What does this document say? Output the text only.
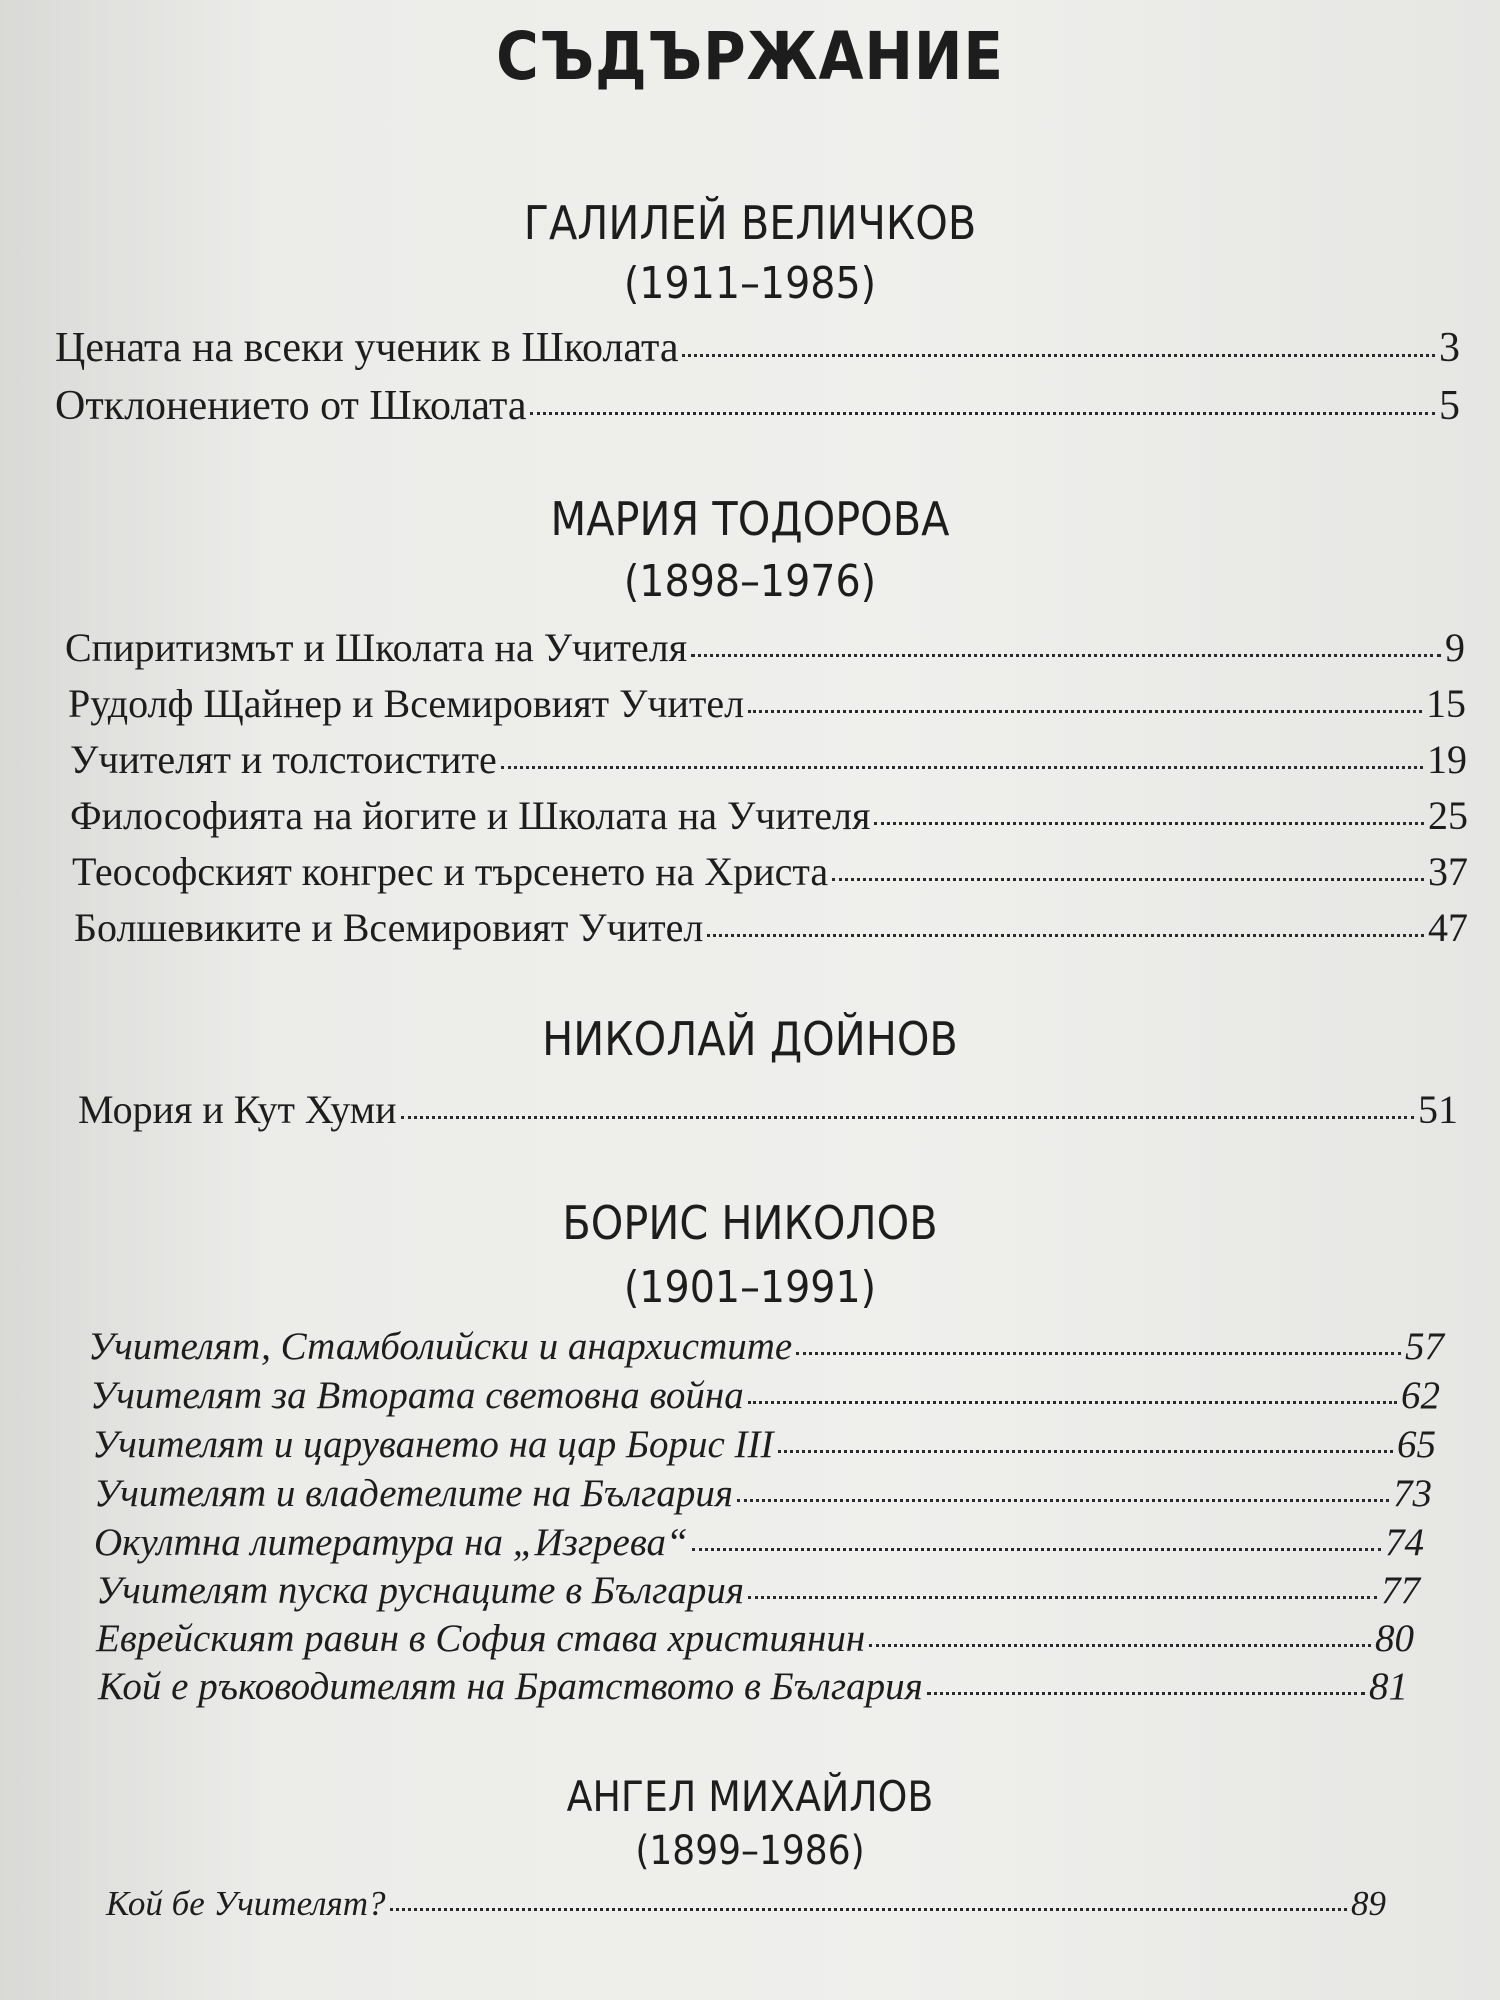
СЪДЪРЖАНИЕ
ГАЛИЛЕЙ ВЕЛИЧКОВ
(1911–1985)
Цената на всеки ученик в Школата	3
Отклонението от Школата	5
МАРИЯ ТОДОРОВА
(1898–1976)
Спиритизмът и Школата на Учителя	9
Рудолф Щайнер и Всемировият Учител	15
Учителят и толстоистите	19
Философията на йогите и Школата на Учителя	25
Теософският конгрес и търсенето на Христа	37
Болшевиките и Всемировият Учител	47
НИКОЛАЙ ДОЙНОВ
Мория и Кут Хуми	51
БОРИС НИКОЛОВ
(1901–1991)
Учителят, Стамболийски и анархистите	57
Учителят за Втората световна война	62
Учителят и царуването на цар Борис III	65
Учителят и владетелите на България	73
Окултна литература на „Изгрева“	74
Учителят пуска руснаците в България	77
Еврейският равин в София става християнин	80
Кой е ръководителят на Братството в България	81
АНГЕЛ МИХАЙЛОВ
(1899–1986)
Кой бе Учителят?	89
